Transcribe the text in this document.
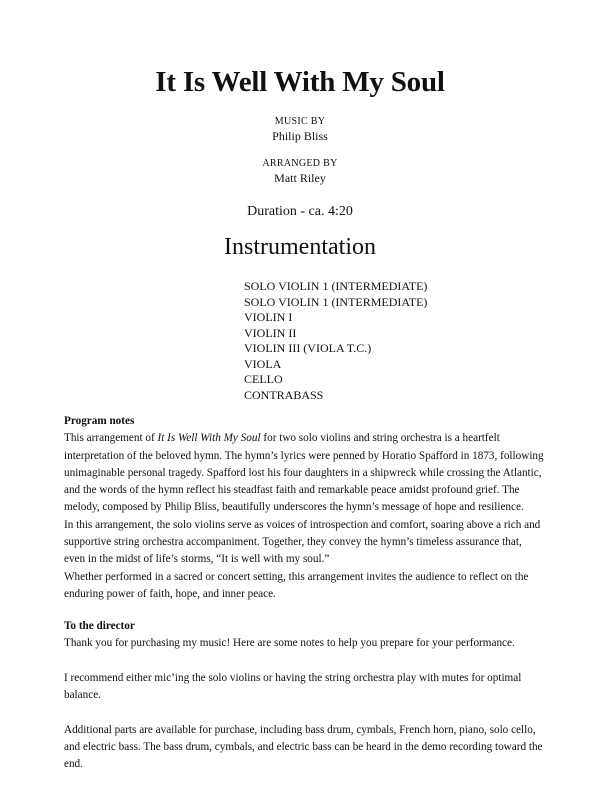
It Is Well With My Soul
MUSIC BY
Philip Bliss
ARRANGED BY
Matt Riley
Duration - ca. 4:20
Instrumentation
SOLO VIOLIN 1 (INTERMEDIATE)
SOLO VIOLIN 1 (INTERMEDIATE)
VIOLIN I
VIOLIN II
VIOLIN III (VIOLA T.C.)
VIOLA
CELLO
CONTRABASS

Program notes

This arrangement of It Is Well With My Soul for two solo violins and string orchestra is a heartfelt interpretation of the beloved hymn. The hymn’s lyrics were penned by Horatio Spafford in 1873, following unimaginable personal tragedy. Spafford lost his four daughters in a shipwreck while crossing the Atlantic, and the words of the hymn reflect his steadfast faith and remarkable peace amidst profound grief. The melody, composed by Philip Bliss, beautifully underscores the hymn’s message of hope and resilience.

In this arrangement, the solo violins serve as voices of introspection and comfort, soaring above a rich and supportive string orchestra accompaniment. Together, they convey the hymn’s timeless assurance that, even in the midst of life’s storms, “It is well with my soul.”

Whether performed in a sacred or concert setting, this arrangement invites the audience to reflect on the enduring power of faith, hope, and inner peace.

To the director

Thank you for purchasing my music! Here are some notes to help you prepare for your performance.

I recommend either mic’ing the solo violins or having the string orchestra play with mutes for optimal balance.

Additional parts are available for purchase, including bass drum, cymbals, French horn, piano, solo cello, and electric bass. The bass drum, cymbals, and electric bass can be heard in the demo recording toward the end.
